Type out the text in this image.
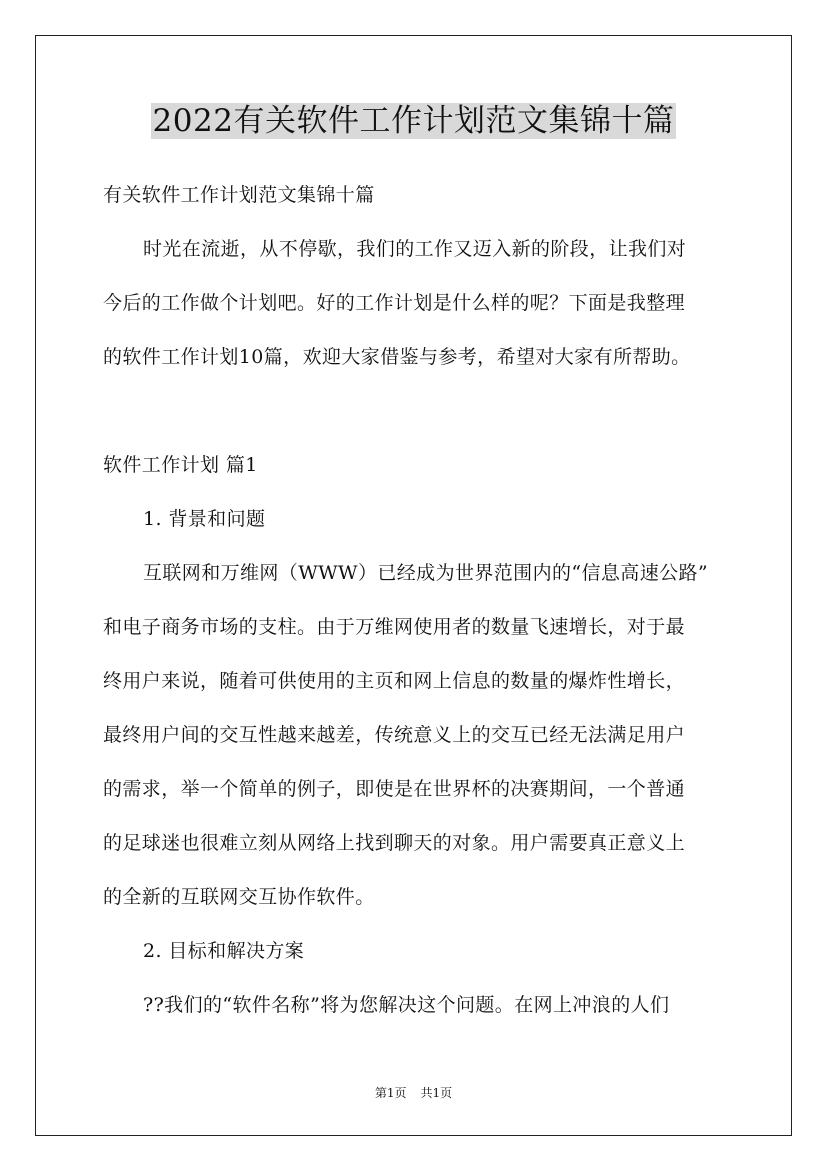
2022有关软件工作计划范文集锦十篇
有关软件工作计划范文集锦十篇
时光在流逝，从不停歇，我们的工作又迈入新的阶段，让我们对
今后的工作做个计划吧。好的工作计划是什么样的呢？下面是我整理
的软件工作计划10篇，欢迎大家借鉴与参考，希望对大家有所帮助。
软件工作计划 篇1
1. 背景和问题
互联网和万维网（WWW）已经成为世界范围内的“信息高速公路”
和电子商务市场的支柱。由于万维网使用者的数量飞速增长，对于最
终用户来说，随着可供使用的主页和网上信息的数量的爆炸性增长，
最终用户间的交互性越来越差，传统意义上的交互已经无法满足用户
的需求，举一个简单的例子，即使是在世界杯的决赛期间，一个普通
的足球迷也很难立刻从网络上找到聊天的对象。用户需要真正意义上
的全新的互联网交互协作软件。
2. 目标和解决方案
??我们的“软件名称”将为您解决这个问题。在网上冲浪的人们
第1页 共1页
